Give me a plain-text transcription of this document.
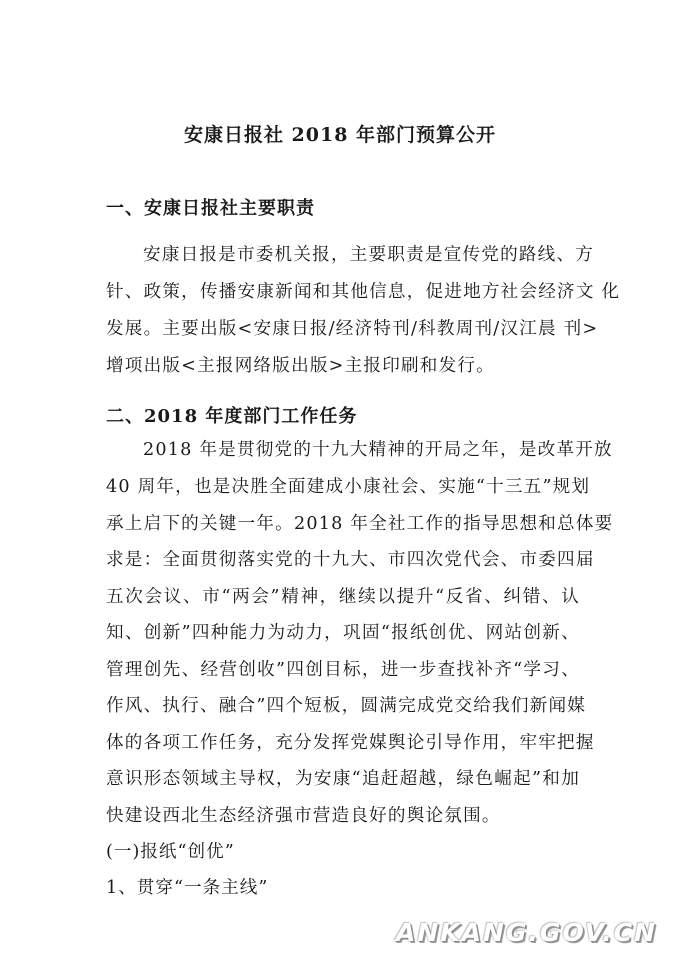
安康日报社 2018 年部门预算公开
一、安康日报社主要职责
安康日报是市委机关报，主要职责是宣传党的路线、方
针、政策，传播安康新闻和其他信息，促进地方社会经济文 化
发展。主要出版<安康日报/经济特刊/科教周刊/汉江晨 刊>
增项出版<主报网络版出版>主报印刷和发行。
二、2018 年度部门工作任务
2018 年是贯彻党的十九大精神的开局之年，是改革开放
40 周年，也是决胜全面建成小康社会、实施“十三五”规划
承上启下的关键一年。2018 年全社工作的指导思想和总体要
求是：全面贯彻落实党的十九大、市四次党代会、市委四届
五次会议、市“两会”精神，继续以提升“反省、纠错、认
知、创新”四种能力为动力，巩固“报纸创优、网站创新、
管理创先、经营创收”四创目标，进一步查找补齐“学习、
作风、执行、融合”四个短板，圆满完成党交给我们新闻媒
体的各项工作任务，充分发挥党媒舆论引导作用，牢牢把握
意识形态领域主导权，为安康“追赶超越，绿色崛起”和加
快建设西北生态经济强市营造良好的舆论氛围。
(一)报纸“创优”
1、贯穿“一条主线”
ANKANG.GOV.CN
